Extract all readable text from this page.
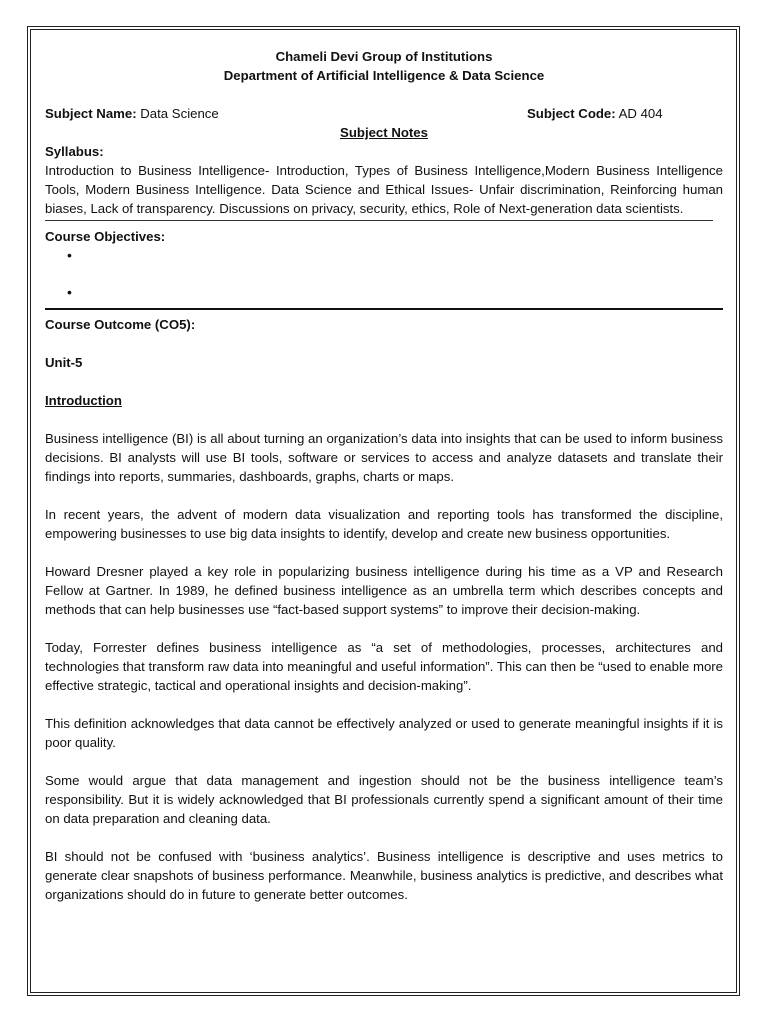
Chameli Devi Group of Institutions
Department of Artificial Intelligence & Data Science
Subject Name: Data Science	Subject Code: AD 404
Subject Notes
Syllabus:

Introduction to Business Intelligence- Introduction, Types of Business Intelligence,Modern Business Intelligence Tools, Modern Business Intelligence. Data Science and Ethical Issues- Unfair discrimination, Reinforcing human biases, Lack of transparency. Discussions on privacy, security, ethics, Role of Next-generation data scientists.

Course Objectives:
•
•
Course Outcome (CO5):
Unit-5
Introduction

Business intelligence (BI) is all about turning an organization’s data into insights that can be used to inform business decisions. BI analysts will use BI tools, software or services to access and analyze datasets and translate their findings into reports, summaries, dashboards, graphs, charts or maps.

In recent years, the advent of modern data visualization and reporting tools has transformed the discipline, empowering businesses to use big data insights to identify, develop and create new business opportunities.

Howard Dresner played a key role in popularizing business intelligence during his time as a VP and Research Fellow at Gartner. In 1989, he defined business intelligence as an umbrella term which describes concepts and methods that can help businesses use “fact-based support systems” to improve their decision-making.

Today, Forrester defines business intelligence as “a set of methodologies, processes, architectures and technologies that transform raw data into meaningful and useful information”. This can then be “used to enable more effective strategic, tactical and operational insights and decision-making”.

This definition acknowledges that data cannot be effectively analyzed or used to generate meaningful insights if it is poor quality.

Some would argue that data management and ingestion should not be the business intelligence team’s responsibility. But it is widely acknowledged that BI professionals currently spend a significant amount of their time on data preparation and cleaning data.

BI should not be confused with ‘business analytics’. Business intelligence is descriptive and uses metrics to generate clear snapshots of business performance. Meanwhile, business analytics is predictive, and describes what organizations should do in future to generate better outcomes.
